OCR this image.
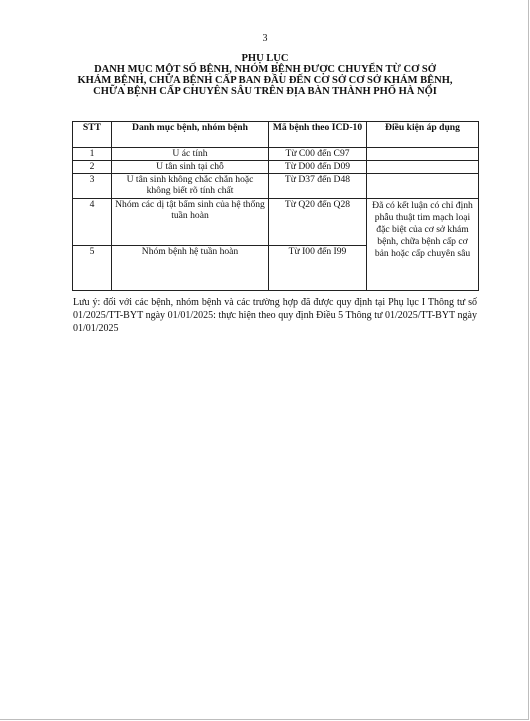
3
PHỤ LỤC
DANH MỤC MỘT SỐ BỆNH, NHÓM BỆNH ĐƯỢC CHUYỂN TỪ CƠ SỞ
KHÁM BỆNH, CHỮA BỆNH CẤP BAN ĐẦU ĐẾN CƠ SỞ CƠ SỞ KHÁM BỆNH,
CHỮA BỆNH CẤP CHUYÊN SÂU TRÊN ĐỊA BÀN THÀNH PHỐ HÀ NỘI
STT	Danh mục bệnh, nhóm bệnh	Mã bệnh theo ICD-10	Điều kiện áp dụng
1	U ác tính	Từ C00 đến C97	
2	U tân sinh tại chỗ	Từ D00 đến D09	
3	U tân sinh không chắc chắn hoặc không biết rõ tính chất	Từ D37 đến D48	
4	Nhóm các dị tật bẩm sinh của hệ thống tuần hoàn	Từ Q20 đến Q28	Đã có kết luận có chỉ định phẫu thuật tim mạch loại đặc biệt của cơ sở khám bệnh, chữa bệnh cấp cơ bản hoặc cấp chuyên sâu
5	Nhóm bệnh hệ tuần hoàn	Từ I00 đến I99	
Lưu ý: đối với các bệnh, nhóm bệnh và các trường hợp đã được quy định tại Phụ lục I Thông tư số 01/2025/TT-BYT ngày 01/01/2025: thực hiện theo quy định Điều 5 Thông tư 01/2025/TT-BYT ngày 01/01/2025
